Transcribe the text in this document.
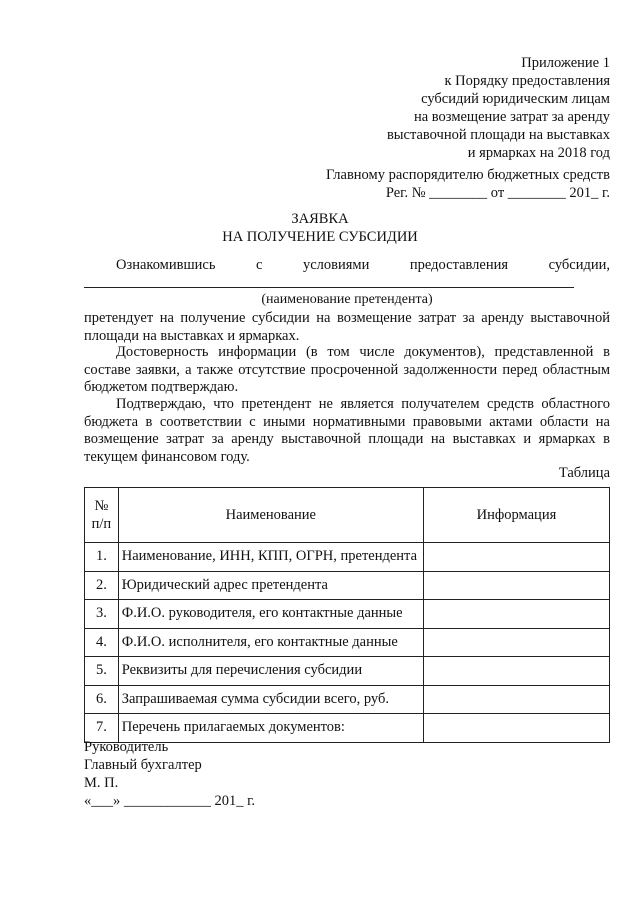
Приложение 1
к Порядку предоставления
субсидий юридическим лицам
на возмещение затрат за аренду
выставочной площади на выставках
и ярмарках на 2018 год
Главному распорядителю бюджетных средств
Рег. № ________ от ________ 201_ г.
ЗАЯВКА
НА ПОЛУЧЕНИЕ СУБСИДИИ
Ознакомившись с условиями предоставления субсидии,
(наименование претендента)
претендует на получение субсидии на возмещение затрат за аренду выставочной площади на выставках и ярмарках.
Достоверность информации (в том числе документов), представленной в составе заявки, а также отсутствие просроченной задолженности перед областным бюджетом подтверждаю.
Подтверждаю, что претендент не является получателем средств областного бюджета в соответствии с иными нормативными правовыми актами области на возмещение затрат за аренду выставочной площади на выставках и ярмарках в текущем финансовом году.
Таблица
№
п/п	Наименование	Информация
1.	Наименование, ИНН, КПП, ОГРН, претендента	
2.	Юридический адрес претендента	
3.	Ф.И.О. руководителя, его контактные данные	
4.	Ф.И.О. исполнителя, его контактные данные	
5.	Реквизиты для перечисления субсидии	
6.	Запрашиваемая сумма субсидии всего, руб.	
7.	Перечень прилагаемых документов:	
Руководитель
Главный бухгалтер
М. П.
«___» ____________ 201_ г.
